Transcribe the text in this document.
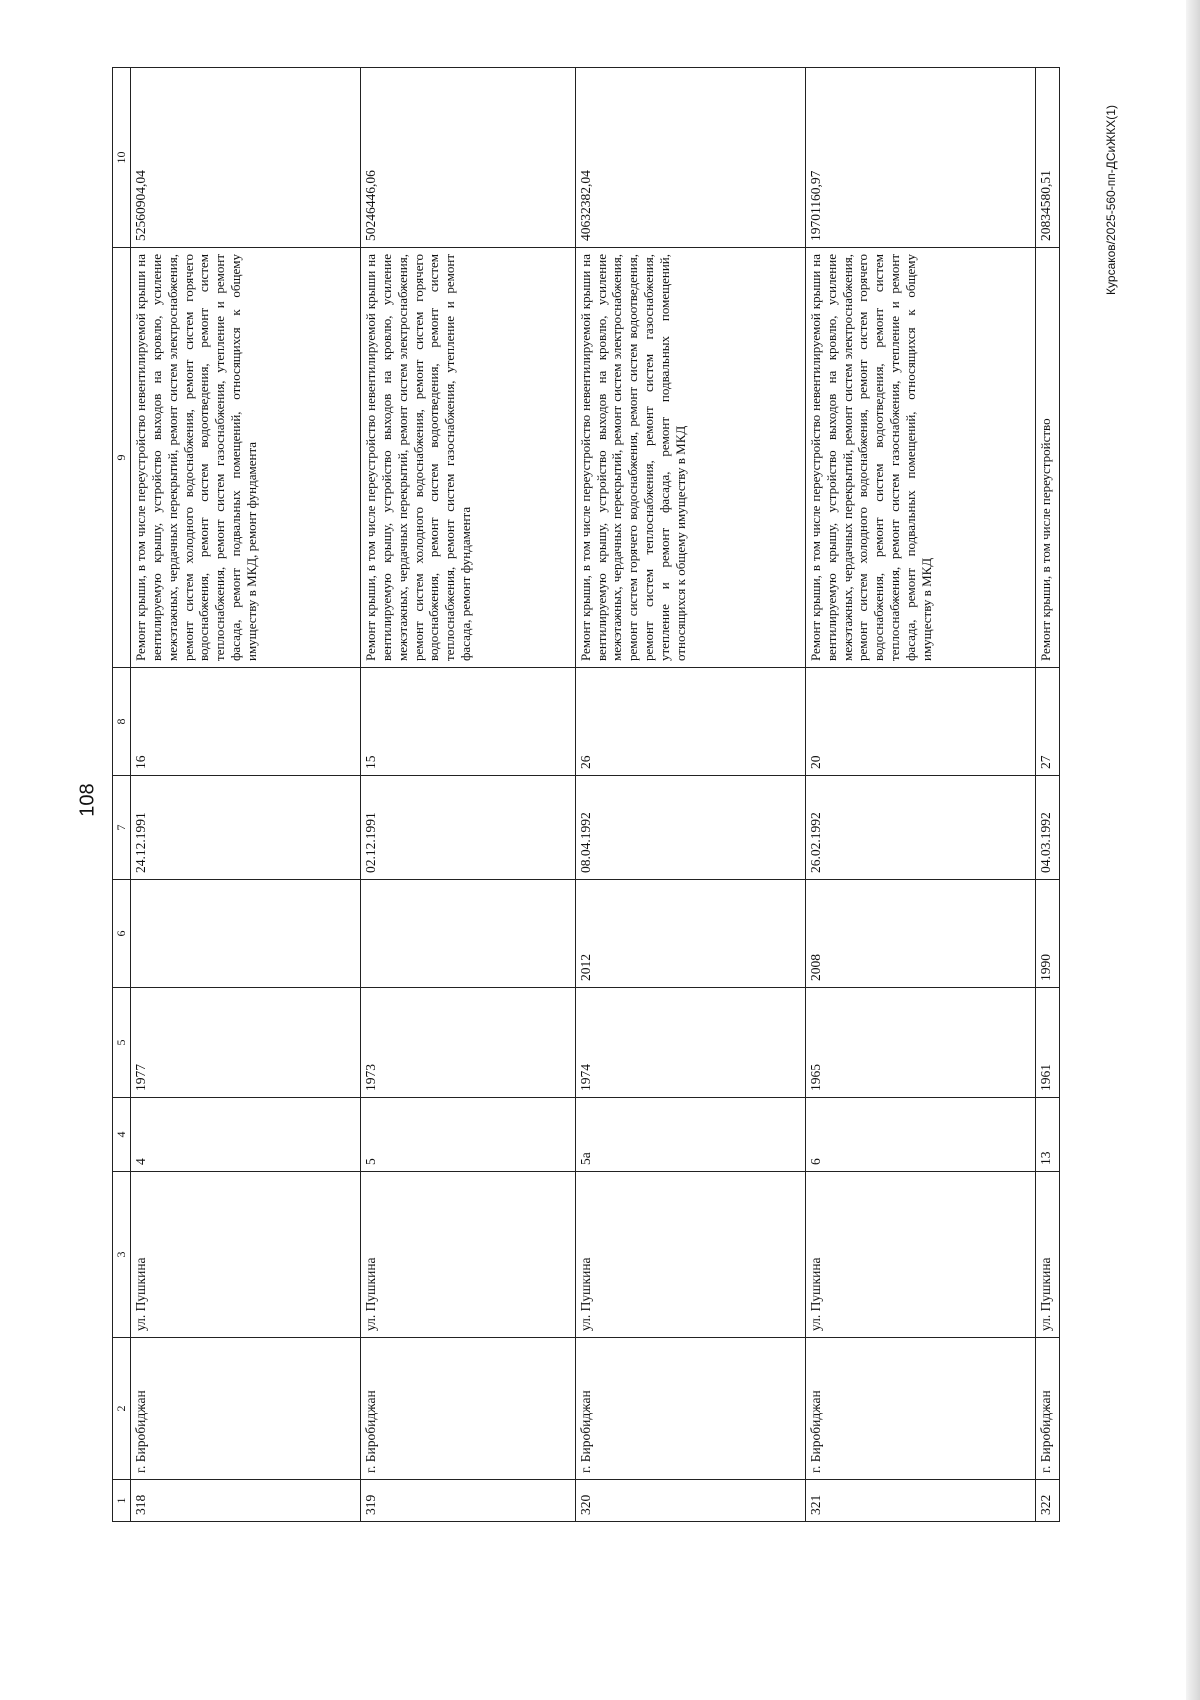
108
Курсаков/2025-560-пп-ДСиЖКХ(1)
1	2	3	4	5	6	7	8	9	10
318	г. Биробиджан	ул. Пушкина	4	1977		24.12.1991	16	Ремонт крыши, в том числе переустройство невентилируемой крыши на вентилируемую крышу, устройство выходов на кровлю, усиление межэтажных, чердачных перекрытий, ремонт систем электроснабжения, ремонт систем холодного водоснабжения, ремонт систем горячего водоснабжения, ремонт систем водоотведения, ремонт систем теплоснабжения, ремонт систем газоснабжения, утепление и ремонт фасада, ремонт подвальных помещений, относящихся к общему имуществу в МКД, ремонт фундамента	52560904,04
319	г. Биробиджан	ул. Пушкина	5	1973		02.12.1991	15	Ремонт крыши, в том числе переустройство невентилируемой крыши на вентилируемую крышу, устройство выходов на кровлю, усиление межэтажных, чердачных перекрытий, ремонт систем электроснабжения, ремонт систем холодного водоснабжения, ремонт систем горячего водоснабжения, ремонт систем водоотведения, ремонт систем теплоснабжения, ремонт систем газоснабжения, утепление и ремонт фасада, ремонт фундамента	50246446,06
320	г. Биробиджан	ул. Пушкина	5а	1974	2012	08.04.1992	26	Ремонт крыши, в том числе переустройство невентилируемой крыши на вентилируемую крышу, устройство выходов на кровлю, усиление межэтажных, чердачных перекрытий, ремонт систем электроснабжения, ремонт систем горячего водоснабжения, ремонт систем водоотведения, ремонт систем теплоснабжения, ремонт систем газоснабжения, утепление и ремонт фасада, ремонт подвальных помещений, относящихся к общему имуществу в МКД	40632382,04
321	г. Биробиджан	ул. Пушкина	6	1965	2008	26.02.1992	20	Ремонт крыши, в том числе переустройство невентилируемой крыши на вентилируемую крышу, устройство выходов на кровлю, усиление межэтажных, чердачных перекрытий, ремонт систем электроснабжения, ремонт систем холодного водоснабжения, ремонт систем горячего водоснабжения, ремонт систем водоотведения, ремонт систем теплоснабжения, ремонт систем газоснабжения, утепление и ремонт фасада, ремонт подвальных помещений, относящихся к общему имуществу в МКД	19701160,97
322	г. Биробиджан	ул. Пушкина	13	1961	1990	04.03.1992	27	Ремонт крыши, в том числе переустройство	20834580,51
